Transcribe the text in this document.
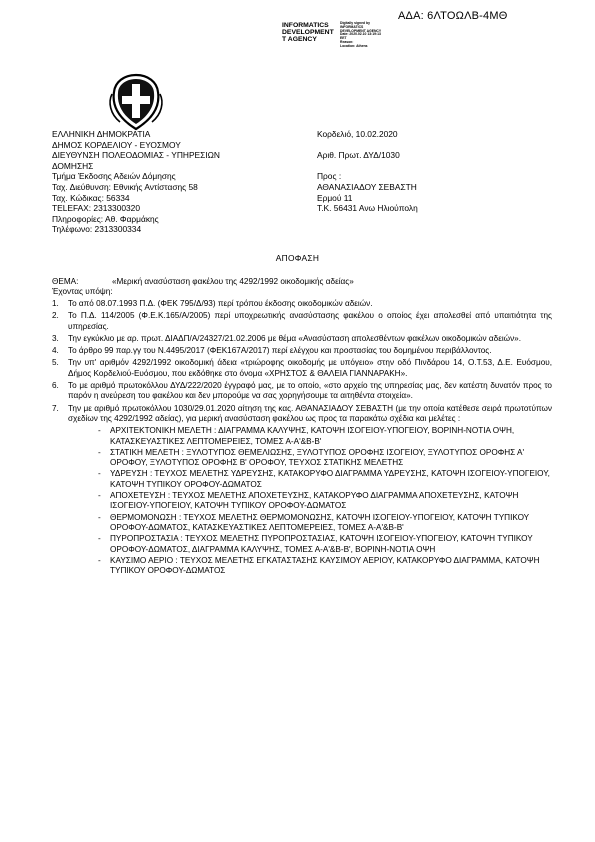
ΑΔΑ: 6ΛΤΟΩΛΒ-4ΜΘ
INFORMATICS
DEVELOPMENT
T AGENCY
Digitally signed by
INFORMATICS
DEVELOPMENT AGENCY
Date: 2020.02.10 13:19:13
EET
Reason:
Location: Athens
ΕΛΛΗΝΙΚΗ ΔΗΜΟΚΡΑΤΙΑ
ΔΗΜΟΣ ΚΟΡΔΕΛΙΟΥ - ΕΥΟΣΜΟΥ
ΔΙΕΥΘΥΝΣΗ ΠΟΛΕΟΔΟΜΙΑΣ - ΥΠΗΡΕΣΙΩΝ
ΔΟΜΗΣΗΣ
Τμήμα Έκδοσης Αδειών Δόμησης
Ταχ. Διεύθυνση: Εθνικής Αντίστασης 58
Ταχ. Κώδικας: 56334
TELEFAX: 2313300320
Πληροφορίες: Αθ. Φαρμάκης
Τηλέφωνο: 2313300334
Κορδελιό, 10.02.2020

Αριθ. Πρωτ. ΔΥΔ/1030

Προς :
ΑΘΑΝΑΣΙΑΔΟΥ ΣΕΒΑΣΤΗ
Ερμού 11
Τ.Κ. 56431 Ανω Ηλιούπολη
ΑΠΟΦΑΣΗ
ΘΕΜΑ:	«Μερική ανασύσταση φακέλου της 4292/1992 οικοδομικής αδείας»
Έχοντας υπόψη:
1. Το από 08.07.1993 Π.Δ. (ΦΕΚ 795/Δ/93) περί τρόπου έκδοσης οικοδομικών αδειών.
2. Το Π.Δ. 114/2005 (Φ.Ε.Κ.165/Α/2005) περί υποχρεωτικής ανασύστασης φακέλου ο οποίος έχει απολεσθεί από υπαιτιότητα της υπηρεσίας.
3. Την εγκύκλιο με αρ. πρωτ. ΔΙΑΔΠ/Α/24327/21.02.2006 με θέμα «Ανασύσταση απολεσθέντων φακέλων οικοδομικών αδειών».
4. Το άρθρο 99 παρ.γγ του Ν.4495/2017 (ΦΕΚ167Α/2017) περί ελέγχου και προστασίας του δομημένου περιβάλλοντος.
5. Την υπ' αριθμόν 4292/1992 οικοδομική άδεια «τριώροφης οικοδομής με υπόγειο» στην οδό Πινδάρου 14, Ο.Τ.53, Δ.Ε. Ευόσμου, Δήμος Κορδελιού-Ευόσμου, που εκδόθηκε στο όνομα «ΧΡΗΣΤΟΣ & ΘΑΛΕΙΑ ΓΙΑΝΝΑΡΑΚΗ».
6. Το με αριθμό πρωτοκόλλου ΔΥΔ/222/2020 έγγραφό μας, με το οποίο, «στο αρχείο της υπηρεσίας μας, δεν κατέστη δυνατόν προς το παρόν η ανεύρεση του φακέλου και δεν μπορούμε να σας χορηγήσουμε τα αιτηθέντα στοιχεία».
7. Την με αριθμό πρωτοκόλλου 1030/29.01.2020 αίτηση της κας. ΑΘΑΝΑΣΙΑΔΟΥ ΣΕΒΑΣΤΗ (με την οποία κατέθεσε σειρά πρωτοτύπων σχεδίων της 4292/1992 αδείας), για μερική ανασύσταση φακέλου ως προς τα παρακάτω σχέδια και μελέτες :
- ΑΡΧΙΤΕΚΤΟΝΙΚΗ ΜΕΛΕΤΗ : ΔΙΑΓΡΑΜΜΑ ΚΑΛΥΨΗΣ, ΚΑΤΟΨΗ ΙΣΟΓΕΙΟΥ-ΥΠΟΓΕΙΟΥ, ΒΟΡΙΝΗ-ΝΟΤΙΑ ΟΨΗ, ΚΑΤΑΣΚΕΥΑΣΤΙΚΕΣ ΛΕΠΤΟΜΕΡΕΙΕΣ, ΤΟΜΕΣ Α-Α'&Β-Β'
- ΣΤΑΤΙΚΗ ΜΕΛΕΤΗ : ΞΥΛΟΤΥΠΟΣ ΘΕΜΕΛΙΩΣΗΣ, ΞΥΛΟΤΥΠΟΣ ΟΡΟΦΗΣ ΙΣΟΓΕΙΟΥ, ΞΥΛΟΤΥΠΟΣ ΟΡΟΦΗΣ Α' ΟΡΟΦΟΥ, ΞΥΛΟΤΥΠΟΣ ΟΡΟΦΗΣ Β' ΟΡΟΦΟΥ, ΤΕΥΧΟΣ ΣΤΑΤΙΚΗΣ ΜΕΛΕΤΗΣ
- ΥΔΡΕΥΣΗ : ΤΕΥΧΟΣ ΜΕΛΕΤΗΣ ΥΔΡΕΥΣΗΣ, ΚΑΤΑΚΟΡΥΦΟ ΔΙΑΓΡΑΜΜΑ ΥΔΡΕΥΣΗΣ, ΚΑΤΟΨΗ ΙΣΟΓΕΙΟΥ-ΥΠΟΓΕΙΟΥ, ΚΑΤΟΨΗ ΤΥΠΙΚΟΥ ΟΡΟΦΟΥ-ΔΩΜΑΤΟΣ
- ΑΠΟΧΕΤΕΥΣΗ : ΤΕΥΧΟΣ ΜΕΛΕΤΗΣ ΑΠΟΧΕΤΕΥΣΗΣ, ΚΑΤΑΚΟΡΥΦΟ ΔΙΑΓΡΑΜΜΑ ΑΠΟΧΕΤΕΥΣΗΣ, ΚΑΤΟΨΗ ΙΣΟΓΕΙΟΥ-ΥΠΟΓΕΙΟΥ, ΚΑΤΟΨΗ ΤΥΠΙΚΟΥ ΟΡΟΦΟΥ-ΔΩΜΑΤΟΣ
- ΘΕΡΜΟΜΟΝΩΣΗ : ΤΕΥΧΟΣ ΜΕΛΕΤΗΣ ΘΕΡΜΟΜΟΝΩΣΗΣ, ΚΑΤΟΨΗ ΙΣΟΓΕΙΟΥ-ΥΠΟΓΕΙΟΥ, ΚΑΤΟΨΗ ΤΥΠΙΚΟΥ ΟΡΟΦΟΥ-ΔΩΜΑΤΟΣ, ΚΑΤΑΣΚΕΥΑΣΤΙΚΕΣ ΛΕΠΤΟΜΕΡΕΙΕΣ, ΤΟΜΕΣ Α-Α'&Β-Β'
- ΠΥΡΟΠΡΟΣΤΑΣΙΑ : ΤΕΥΧΟΣ ΜΕΛΕΤΗΣ ΠΥΡΟΠΡΟΣΤΑΣΙΑΣ, ΚΑΤΟΨΗ ΙΣΟΓΕΙΟΥ-ΥΠΟΓΕΙΟΥ, ΚΑΤΟΨΗ ΤΥΠΙΚΟΥ ΟΡΟΦΟΥ-ΔΩΜΑΤΟΣ, ΔΙΑΓΡΑΜΜΑ ΚΑΛΥΨΗΣ, ΤΟΜΕΣ Α-Α'&Β-Β', ΒΟΡΙΝΗ-ΝΟΤΙΑ ΟΨΗ
- ΚΑΥΣΙΜΟ ΑΕΡΙΟ : ΤΕΥΧΟΣ ΜΕΛΕΤΗΣ ΕΓΚΑΤΑΣΤΑΣΗΣ ΚΑΥΣΙΜΟΥ ΑΕΡΙΟΥ, ΚΑΤΑΚΟΡΥΦΟ ΔΙΑΓΡΑΜΜΑ, ΚΑΤΟΨΗ ΤΥΠΙΚΟΥ ΟΡΟΦΟΥ-ΔΩΜΑΤΟΣ
